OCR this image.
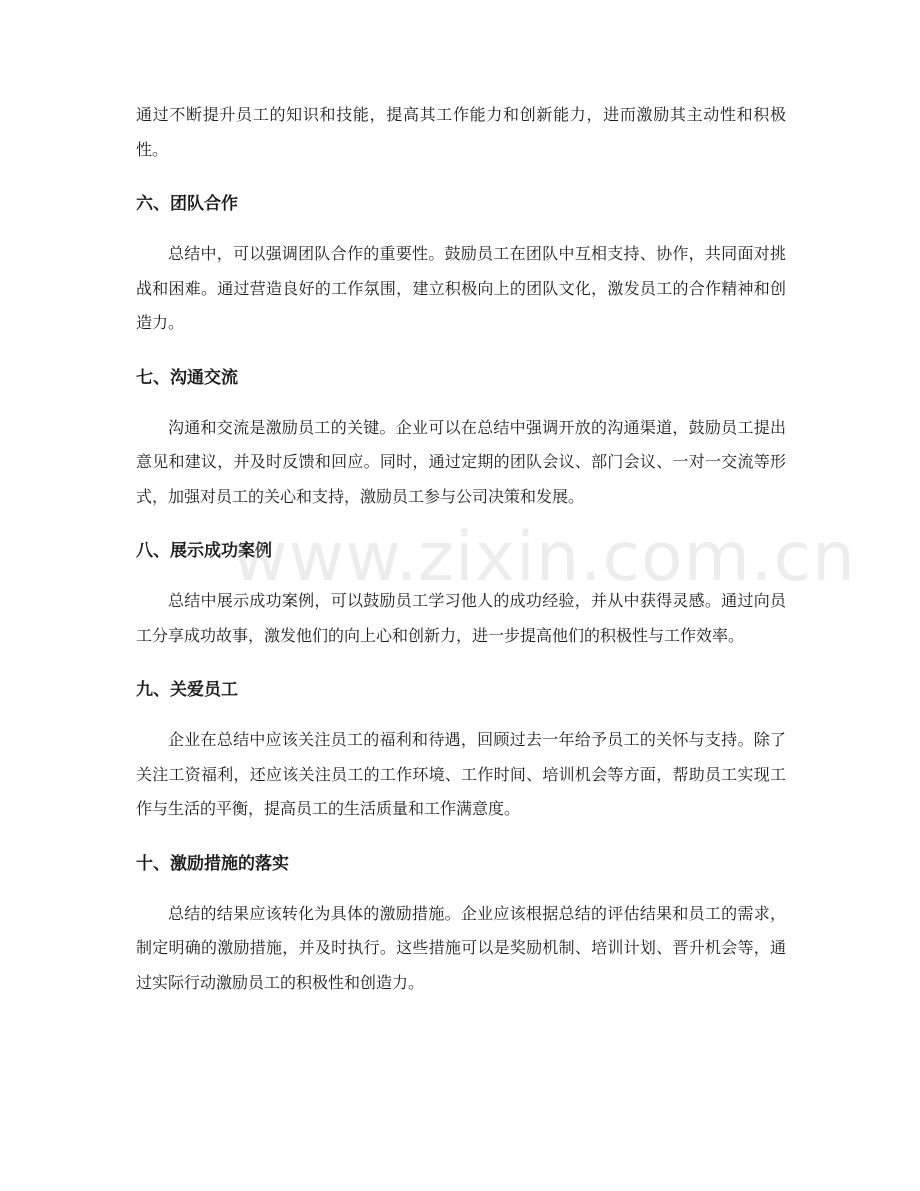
通过不断提升员工的知识和技能，提高其工作能力和创新能力，进而激励其主动性和积极性。

六、团队合作

总结中，可以强调团队合作的重要性。鼓励员工在团队中互相支持、协作，共同面对挑战和困难。通过营造良好的工作氛围，建立积极向上的团队文化，激发员工的合作精神和创造力。

七、沟通交流

沟通和交流是激励员工的关键。企业可以在总结中强调开放的沟通渠道，鼓励员工提出意见和建议，并及时反馈和回应。同时，通过定期的团队会议、部门会议、一对一交流等形式，加强对员工的关心和支持，激励员工参与公司决策和发展。

八、展示成功案例

总结中展示成功案例，可以鼓励员工学习他人的成功经验，并从中获得灵感。通过向员工分享成功故事，激发他们的向上心和创新力，进一步提高他们的积极性与工作效率。

九、关爱员工

企业在总结中应该关注员工的福利和待遇，回顾过去一年给予员工的关怀与支持。除了关注工资福利，还应该关注员工的工作环境、工作时间、培训机会等方面，帮助员工实现工作与生活的平衡，提高员工的生活质量和工作满意度。

十、激励措施的落实

总结的结果应该转化为具体的激励措施。企业应该根据总结的评估结果和员工的需求，制定明确的激励措施，并及时执行。这些措施可以是奖励机制、培训计划、晋升机会等，通过实际行动激励员工的积极性和创造力。

www.zixin.com.cn
